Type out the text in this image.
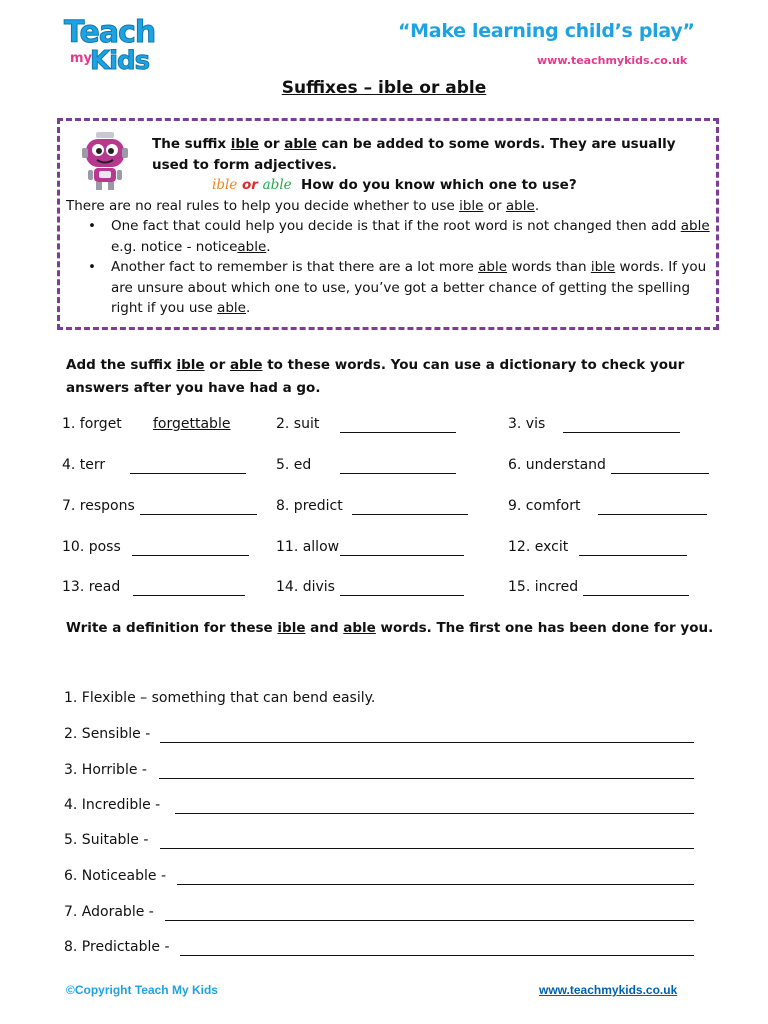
Teach
my
Kids
“Make learning child’s play”
www.teachmykids.co.uk
Suffixes – ible or able
The suffix ible or able can be added to some words. They are usually used to form adjectives.
ible or able How do you know which one to use?
There are no real rules to help you decide whether to use ible or able.
• One fact that could help you decide is that if the root word is not changed then add able e.g. notice - noticeable.
• Another fact to remember is that there are a lot more able words than ible words. If you are unsure about which one to use, you’ve got a better chance of getting the spelling right if you use able.
Add the suffix ible or able to these words. You can use a dictionary to check your answers after you have had a go.
1. forget forgettable	2. suit	3. vis
4. terr	5. ed	6. understand
7. respons	8. predict	9. comfort
10. poss	11. allow	12. excit
13. read	14. divis	15. incred
Write a definition for these ible and able words. The first one has been done for you.
1. Flexible – something that can bend easily.
2. Sensible -
3. Horrible -
4. Incredible -
5. Suitable -
6. Noticeable -
7. Adorable -
8. Predictable -
©Copyright Teach My Kids	www.teachmykids.co.uk
